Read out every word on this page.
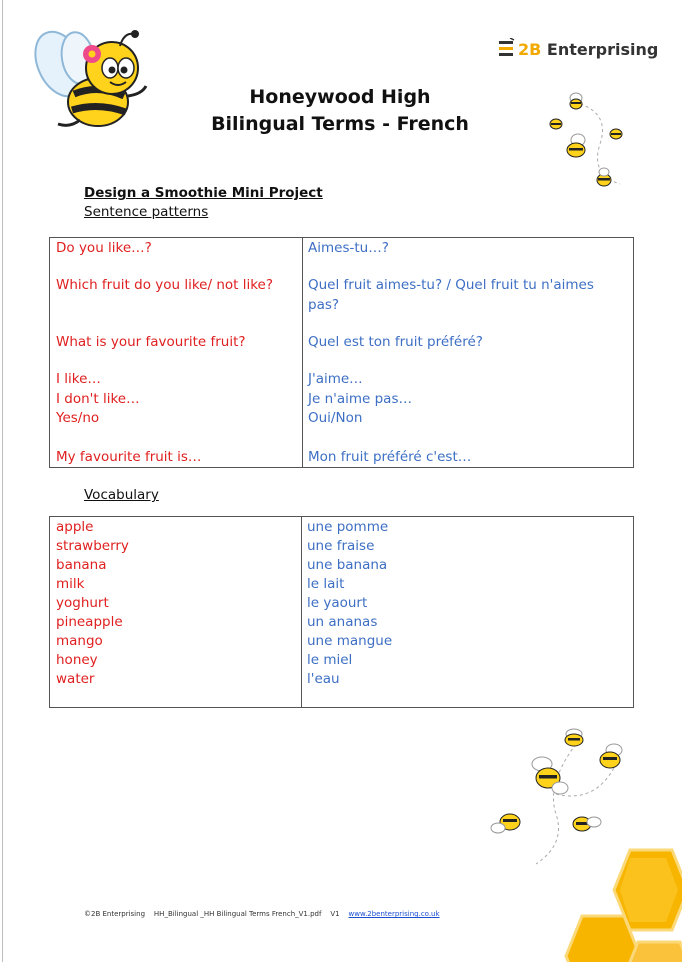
2B Enterprising
Honeywood High
Bilingual Terms - French
Design a Smoothie Mini Project
Sentence patterns
Do you like…?	Aimes-tu…?
Which fruit do you like/ not like?	Quel fruit aimes-tu? / Quel fruit tu n'aimes pas?
What is your favourite fruit?	Quel est ton fruit préféré?
I like…	J'aime…
I don't like…	Je n'aime pas…
Yes/no	Oui/Non
My favourite fruit is…	Mon fruit préféré c'est…
Vocabulary
apple	une pomme
strawberry	une fraise
banana	une banana
milk	le lait
yoghurt	le yaourt
pineapple	un ananas
mango	une mangue
honey	le miel
water	l'eau
©2B Enterprising HH_Bilingual _HH Bilingual Terms French_V1.pdf V1 www.2benterprising.co.uk
